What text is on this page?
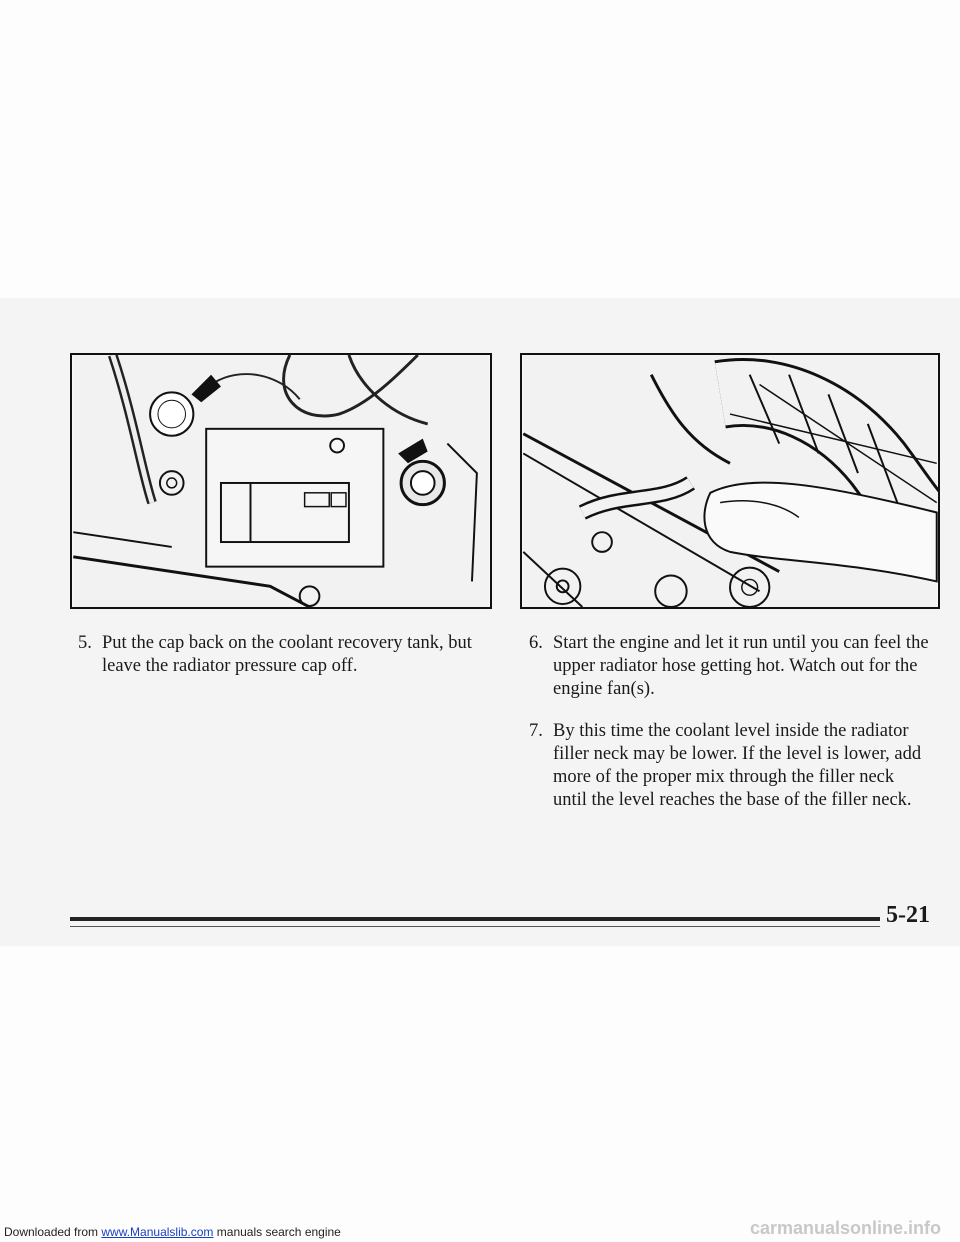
5. Put the cap back on the coolant recovery tank, but leave the radiator pressure cap off.
6. Start the engine and let it run until you can feel the upper radiator hose getting hot. Watch out for the engine fan(s).
7. By this time the coolant level inside the radiator filler neck may be lower. If the level is lower, add more of the proper mix through the filler neck until the level reaches the base of the filler neck.
5-21
Downloaded from www.Manualslib.com manuals search engine	carmanualsonline.info
